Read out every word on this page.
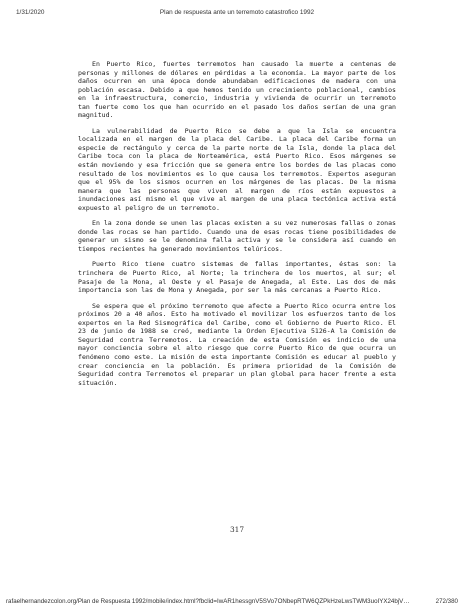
1/31/2020	Plan de respuesta ante un terremoto catastrofico 1992

En Puerto Rico, fuertes terremotos han causado la muerte a centenas de personas y millones de dólares en pérdidas a la economía. La mayor parte de los daños ocurren en una época donde abundaban edificaciones de madera con una población escasa. Debido a que hemos tenido un crecimiento poblacional, cambios en la infraestructura, comercio, industria y vivienda de ocurrir un terremoto tan fuerte como los que han ocurrido en el pasado los daños serían de una gran magnitud.

La vulnerabilidad de Puerto Rico se debe a que la Isla se encuentra localizada en el margen de la placa del Caribe. La placa del Caribe forma un especie de rectángulo y cerca de la parte norte de la Isla, donde la placa del Caribe toca con la placa de Norteamérica, está Puerto Rico. Esos márgenes se están moviendo y esa fricción que se genera entre los bordes de las placas como resultado de los movimientos es lo que causa los terremotos. Expertos aseguran que el 95% de los sismos ocurren en los márgenes de las placas. De la misma manera que las personas que viven al margen de ríos están expuestos a inundaciones así mismo el que vive al margen de una placa tectónica activa está expuesto al peligro de un terremoto.

En la zona donde se unen las placas existen a su vez numerosas fallas o zonas donde las rocas se han partido. Cuando una de esas rocas tiene posibilidades de generar un sismo se le denomina falla activa y se le considera así cuando en tiempos recientes ha generado movimientos telúricos.

Puerto Rico tiene cuatro sistemas de fallas importantes, éstas son: la trinchera de Puerto Rico, al Norte; la trinchera de los muertos, al sur; el Pasaje de la Mona, al Oeste y el Pasaje de Anegada, al Este. Las dos de más importancia son las de Mona y Anegada, por ser la más cercanas a Puerto Rico.

Se espera que el próximo terremoto que afecte a Puerto Rico ocurra entre los próximos 20 a 40 años. Esto ha motivado el movilizar los esfuerzos tanto de los expertos en la Red Sismográfica del Caribe, como el Gobierno de Puerto Rico. El 23 de junio de 1988 se creó, mediante la Orden Ejecutiva 5126-A la Comisión de Seguridad contra Terremotos. La creación de esta Comisión es indicio de una mayor conciencia sobre el alto riesgo que corre Puerto Rico de que ocurra un fenómeno como este. La misión de esta importante Comisión es educar al pueblo y crear conciencia en la población. Es primera prioridad de la Comisión de Seguridad contra Terremotos el preparar un plan global para hacer frente a esta situación.

317
rafaelhernandezcolon.org/Plan de Respuesta 1992/mobile/index.html?fbclid=IwAR1hessgnV5SVo7ONbepRTW6QZPkHzeLwsTWM3uoIYX24bjV…	272/380
